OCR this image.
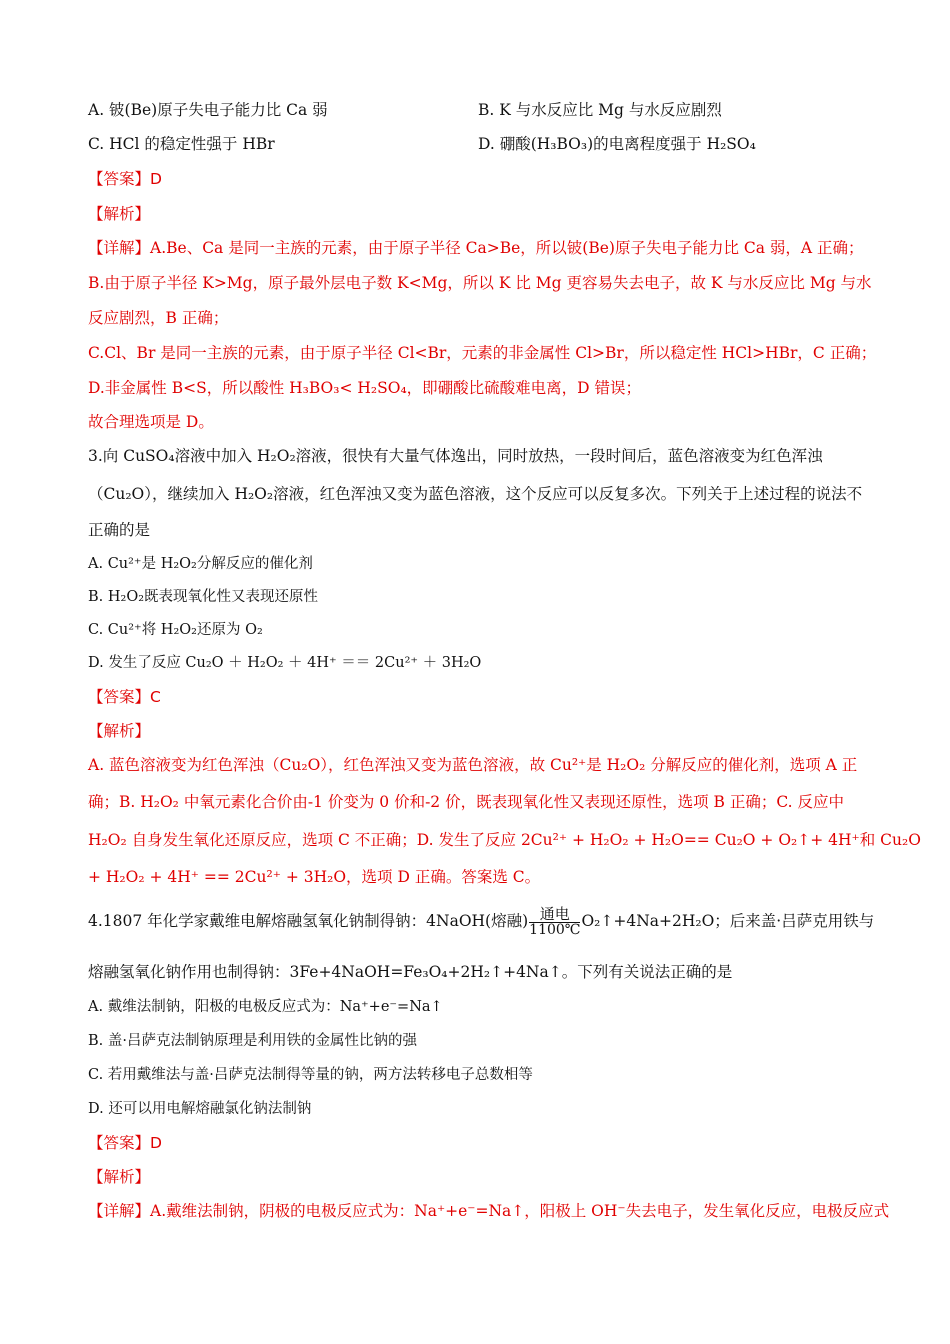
A. 铍(Be)原子失电子能力比 Ca 弱	B. K 与水反应比 Mg 与水反应剧烈
C. HCl 的稳定性强于 HBr	D. 硼酸(H₃BO₃)的电离程度强于 H₂SO₄
【答案】D
【解析】
【详解】A.Be、Ca 是同一主族的元素，由于原子半径 Ca>Be，所以铍(Be)原子失电子能力比 Ca 弱，A 正确；
B.由于原子半径 K>Mg，原子最外层电子数 K<Mg，所以 K 比 Mg 更容易失去电子，故 K 与水反应比 Mg 与水
反应剧烈，B 正确；
C.Cl、Br 是同一主族的元素，由于原子半径 Cl<Br，元素的非金属性 Cl>Br，所以稳定性 HCl>HBr，C 正确；
D.非金属性 B<S，所以酸性 H₃BO₃< H₂SO₄，即硼酸比硫酸难电离，D 错误；
故合理选项是 D。
3.向 CuSO₄溶液中加入 H₂O₂溶液，很快有大量气体逸出，同时放热，一段时间后，蓝色溶液变为红色浑浊
（Cu₂O），继续加入 H₂O₂溶液，红色浑浊又变为蓝色溶液，这个反应可以反复多次。下列关于上述过程的说法不
正确的是
A. Cu²⁺是 H₂O₂分解反应的催化剂
B. H₂O₂既表现氧化性又表现还原性
C. Cu²⁺将 H₂O₂还原为 O₂
D. 发生了反应 Cu₂O ＋ H₂O₂ ＋ 4H⁺ ＝＝ 2Cu²⁺ ＋ 3H₂O
【答案】C
【解析】
A. 蓝色溶液变为红色浑浊（Cu₂O），红色浑浊又变为蓝色溶液，故 Cu²⁺是 H₂O₂ 分解反应的催化剂，选项 A 正
确；B. H₂O₂ 中氧元素化合价由-1 价变为 0 价和-2 价，既表现氧化性又表现还原性，选项 B 正确；C. 反应中
H₂O₂ 自身发生氧化还原反应，选项 C 不正确；D. 发生了反应 2Cu²⁺ + H₂O₂ + H₂O== Cu₂O + O₂↑+ 4H⁺和 Cu₂O
+ H₂O₂ + 4H⁺ == 2Cu²⁺ + 3H₂O，选项 D 正确。答案选 C。
4.1807 年化学家戴维电解熔融氢氧化钠制得钠：4NaOH(熔融) $\frac{\text{通电}}{1100℃}$ O₂↑+4Na+2H₂O；后来盖·吕萨克用铁与
熔融氢氧化钠作用也制得钠：3Fe+4NaOH=Fe₃O₄+2H₂↑+4Na↑。下列有关说法正确的是
A. 戴维法制钠，阳极的电极反应式为：Na⁺+e⁻=Na↑
B. 盖·吕萨克法制钠原理是利用铁的金属性比钠的强
C. 若用戴维法与盖·吕萨克法制得等量的钠，两方法转移电子总数相等
D. 还可以用电解熔融氯化钠法制钠
【答案】D
【解析】
【详解】A.戴维法制钠，阴极的电极反应式为：Na⁺+e⁻=Na↑，阳极上 OH⁻失去电子，发生氧化反应，电极反应式
